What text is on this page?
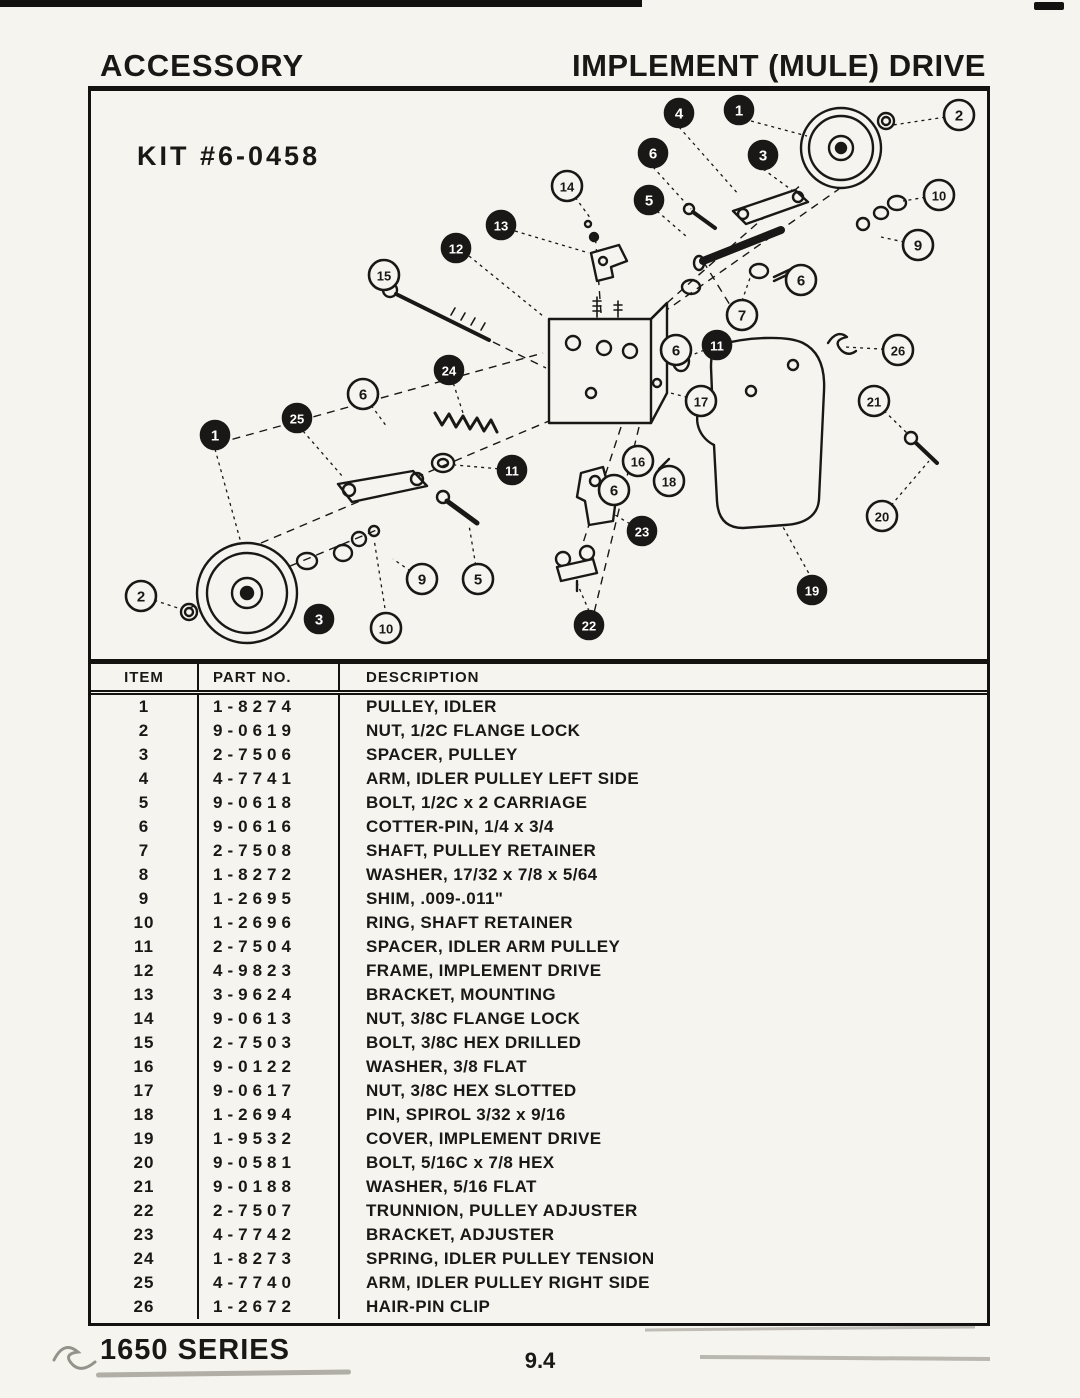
ACCESSORY	IMPLEMENT (MULE) DRIVE
4	1	2
6	3
14
5	10
13
9
12
15	6
7
26
6 11
24
6	17	21
25
1
16
18
11
6
20
23
9	5
2	19
3
10	22
KIT #6-0458
ITEM	PART NO.	DESCRIPTION
1	1-8274	PULLEY, IDLER
2	9-0619	NUT, 1/2C FLANGE LOCK
3	2-7506	SPACER, PULLEY
4	4-7741	ARM, IDLER PULLEY LEFT SIDE
5	9-0618	BOLT, 1/2C x 2 CARRIAGE
6	9-0616	COTTER-PIN, 1/4 x 3/4
7	2-7508	SHAFT, PULLEY RETAINER
8	1-8272	WASHER, 17/32 x 7/8 x 5/64
9	1-2695	SHIM, .009-.011"
10	1-2696	RING, SHAFT RETAINER
11	2-7504	SPACER, IDLER ARM PULLEY
12	4-9823	FRAME, IMPLEMENT DRIVE
13	3-9624	BRACKET, MOUNTING
14	9-0613	NUT, 3/8C FLANGE LOCK
15	2-7503	BOLT, 3/8C HEX DRILLED
16	9-0122	WASHER, 3/8 FLAT
17	9-0617	NUT, 3/8C HEX SLOTTED
18	1-2694	PIN, SPIROL 3/32 x 9/16
19	1-9532	COVER, IMPLEMENT DRIVE
20	9-0581	BOLT, 5/16C x 7/8 HEX
21	9-0188	WASHER, 5/16 FLAT
22	2-7507	TRUNNION, PULLEY ADJUSTER
23	4-7742	BRACKET, ADJUSTER
24	1-8273	SPRING, IDLER PULLEY TENSION
25	4-7740	ARM, IDLER PULLEY RIGHT SIDE
26	1-2672	HAIR-PIN CLIP
1650 SERIES	9.4
